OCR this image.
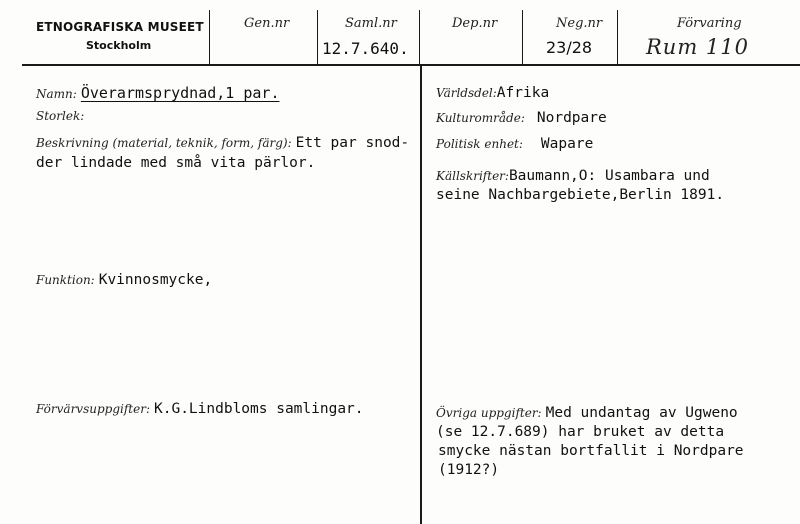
ETNOGRAFISKA MUSEET
Stockholm
Gen.nr	Saml.nr
12.7.640.
Dep.nr	Neg.nr
23/28
Förvaring
Rum 110
Namn: Överarmsprydnad,1 par.
Storlek:
Beskrivning (material, teknik, form, färg): Ett par snod-
der lindade med små vita pärlor.
Funktion: Kvinnosmycke,
Förvärvsuppgifter: K.G.Lindbloms samlingar.
Världsdel:Afrika
Kulturområde: Nordpare
Politisk enhet: Wapare
Källskrifter:Baumann,O: Usambara und
seine Nachbargebiete,Berlin 1891.
Övriga uppgifter: Med undantag av Ugweno
(se 12.7.689) har bruket av detta
smycke nästan bortfallit i Nordpare
(1912?)
